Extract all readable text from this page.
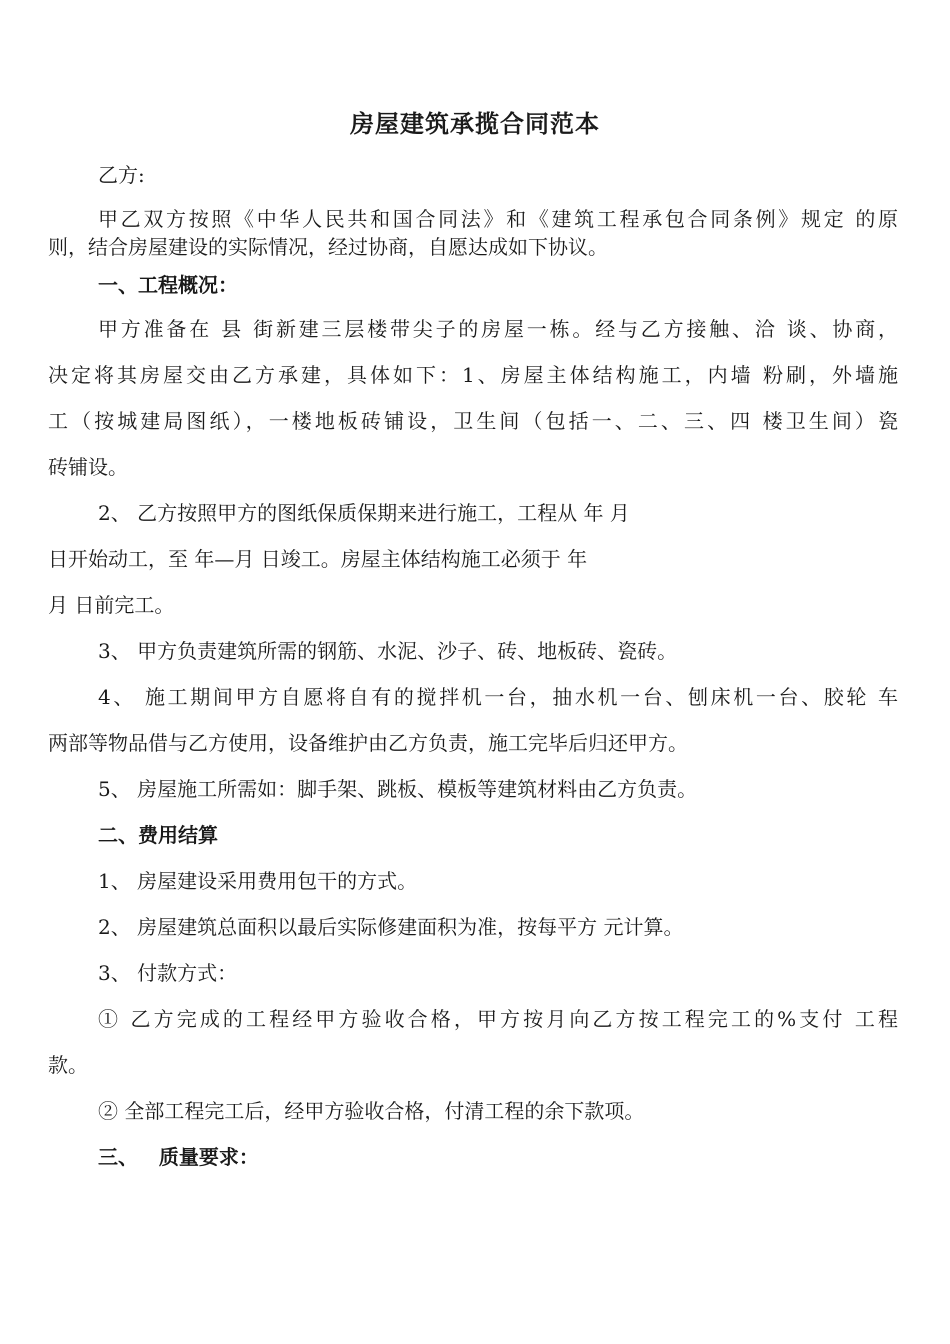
房屋建筑承揽合同范本

乙方:

甲乙双方按照《中华人民共和国合同法》和《建筑工程承包合同条例》规定 的原

则，结合房屋建设的实际情况，经过协商，自愿达成如下协议。

一、工程概况：

甲方准备在 县 街新建三层楼带尖子的房屋一栋。经与乙方接触、洽 谈、协商，

决定将其房屋交由乙方承建，具体如下：1、房屋主体结构施工，内墙 粉刷，外墙施

工（按城建局图纸），一楼地板砖铺设，卫生间（包括一、二、三、四 楼卫生间）瓷

砖铺设。

2、 乙方按照甲方的图纸保质保期来进行施工，工程从 年 月

日开始动工，至 年—月 日竣工。房屋主体结构施工必须于 年

月 日前完工。

3、 甲方负责建筑所需的钢筋、水泥、沙子、砖、地板砖、瓷砖。

4、 施工期间甲方自愿将自有的搅拌机一台，抽水机一台、刨床机一台、胶轮 车

两部等物品借与乙方使用，设备维护由乙方负责，施工完毕后归还甲方。

5、 房屋施工所需如：脚手架、跳板、模板等建筑材料由乙方负责。

二、费用结算

1、 房屋建设采用费用包干的方式。

2、 房屋建筑总面积以最后实际修建面积为准，按每平方 元计算。

3、 付款方式：

① 乙方完成的工程经甲方验收合格，甲方按月向乙方按工程完工的%支付 工程

款。

② 全部工程完工后，经甲方验收合格，付清工程的余下款项。

三、   质量要求：
